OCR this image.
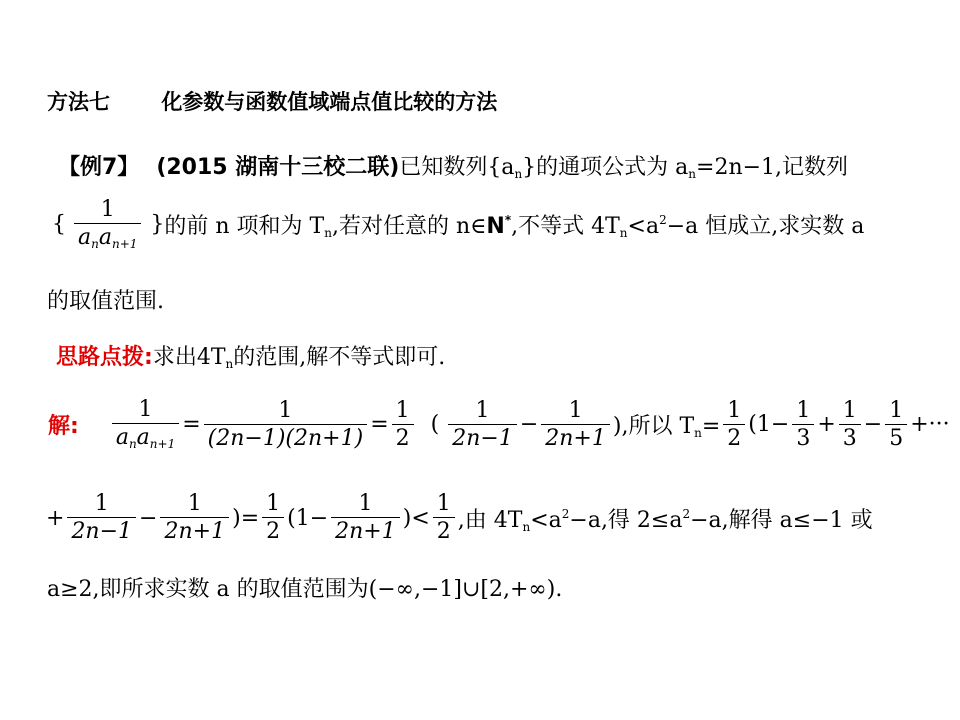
方法七 化参数与函数值域端点值比较的方法
【例7】 (2015 湖南十三校二联)已知数列$\{a_n\}$的通项公式为 $a_n=2n-1$,记数列
{ $\frac{1}{a_na_{n+1}}$ } 的前 n 项和为 $T_n$,若对任意的 n∈N*,不等式 $4T_n<a^2-a$ 恒成立,求实数 a
的取值范围.
思路点拨:求出$4T_n$的范围,解不等式即可.
解: $\frac{1}{a_na_{n+1}} = \frac{1}{(2n-1)(2n+1)} = \frac{1}{2}$ ( $\frac{1}{2n-1} - \frac{1}{2n+1}$ ),所以 $T_n= \frac{1}{2} (1- \frac{1}{3} + \frac{1}{3} - \frac{1}{5}$ +···
+ $\frac{1}{2n-1} - \frac{1}{2n+1}$ ) = $\frac{1}{2} (1- \frac{1}{2n+1}$ ) < $\frac{1}{2}$ ,由 $4T_n<a^2-a$,得 $2\le a^2-a$,解得 a≤−1 或
a≥2,即所求实数 a 的取值范围为(−∞,−1]∪[2,+∞).
